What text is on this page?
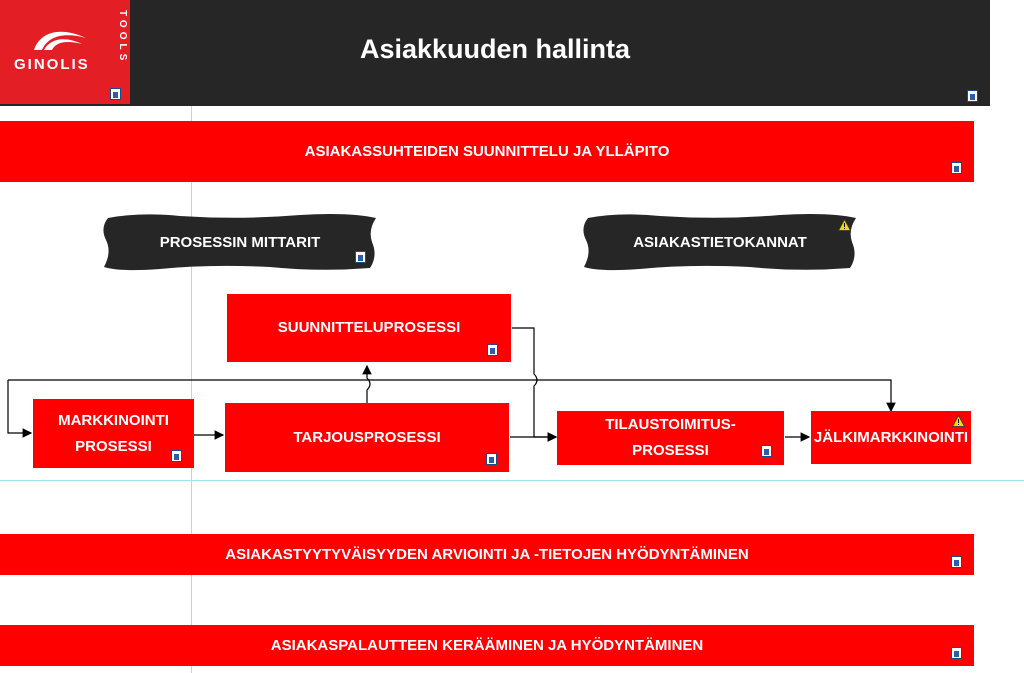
GINOLIS
TOOLS	Asiakkuuden hallinta
ASIAKASSUHTEIDEN SUUNNITTELU JA YLLÄPITO
PROSESSIN MITTARIT	ASIAKASTIETOKANNAT
SUUNNITTELUPROSESSI
MARKKINOINTI
PROSESSI
TARJOUSPROSESSI
TILAUSTOIMITUS-
PROSESSI
JÄLKIMARKKINOINTI
ASIAKASTYYTYVÄISYYDEN ARVIOINTI JA -TIETOJEN HYÖDYNTÄMINEN
ASIAKASPALAUTTEEN KERÄÄMINEN JA HYÖDYNTÄMINEN
